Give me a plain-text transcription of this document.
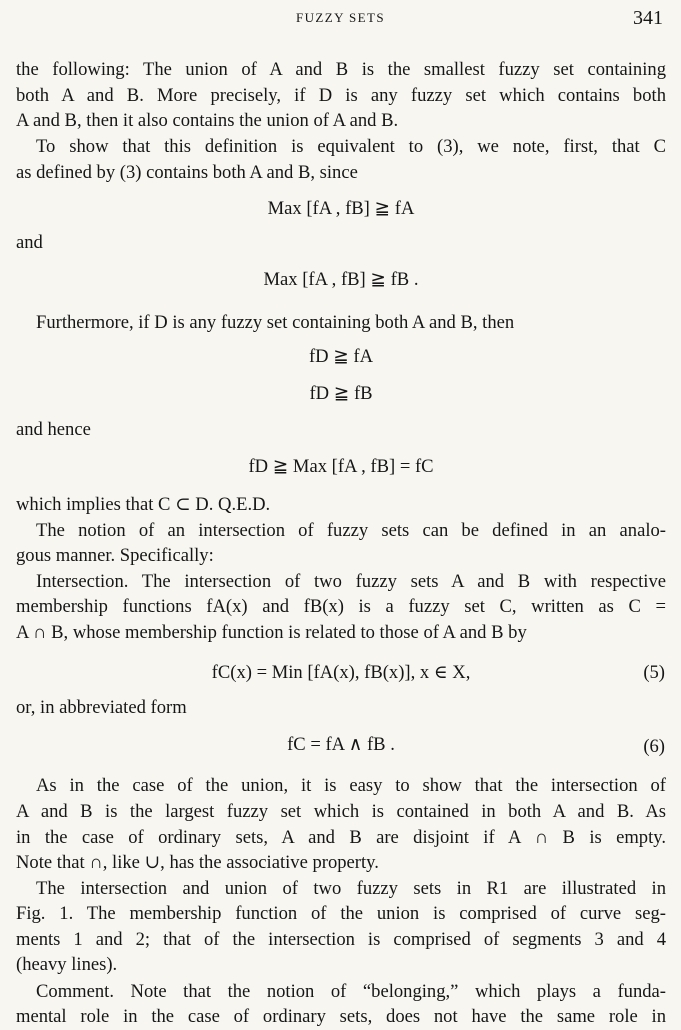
FUZZY SETS	341
the following: The union of A and B is the smallest fuzzy set containing
both A and B. More precisely, if D is any fuzzy set which contains both
A and B, then it also contains the union of A and B.
To show that this definition is equivalent to (3), we note, first, that C
as defined by (3) contains both A and B, since
Max [fA , fB] ≧ fA
and
Max [fA , fB] ≧ fB .
Furthermore, if D is any fuzzy set containing both A and B, then
fD ≧ fA
fD ≧ fB
and hence
fD ≧ Max [fA , fB] = fC
which implies that C ⊂ D. Q.E.D.
The notion of an intersection of fuzzy sets can be defined in an analo-
gous manner. Specifically:
Intersection. The intersection of two fuzzy sets A and B with respective
membership functions fA(x) and fB(x) is a fuzzy set C, written as C =
A ∩ B, whose membership function is related to those of A and B by
fC(x) = Min [fA(x), fB(x)], x ∈ X,	(5)
or, in abbreviated form
fC = fA ∧ fB .	(6)
As in the case of the union, it is easy to show that the intersection of
A and B is the largest fuzzy set which is contained in both A and B. As
in the case of ordinary sets, A and B are disjoint if A ∩ B is empty.
Note that ∩, like ∪, has the associative property.
The intersection and union of two fuzzy sets in R1 are illustrated in
Fig. 1. The membership function of the union is comprised of curve seg-
ments 1 and 2; that of the intersection is comprised of segments 3 and 4
(heavy lines).
Comment. Note that the notion of “belonging,” which plays a funda-
mental role in the case of ordinary sets, does not have the same role in
